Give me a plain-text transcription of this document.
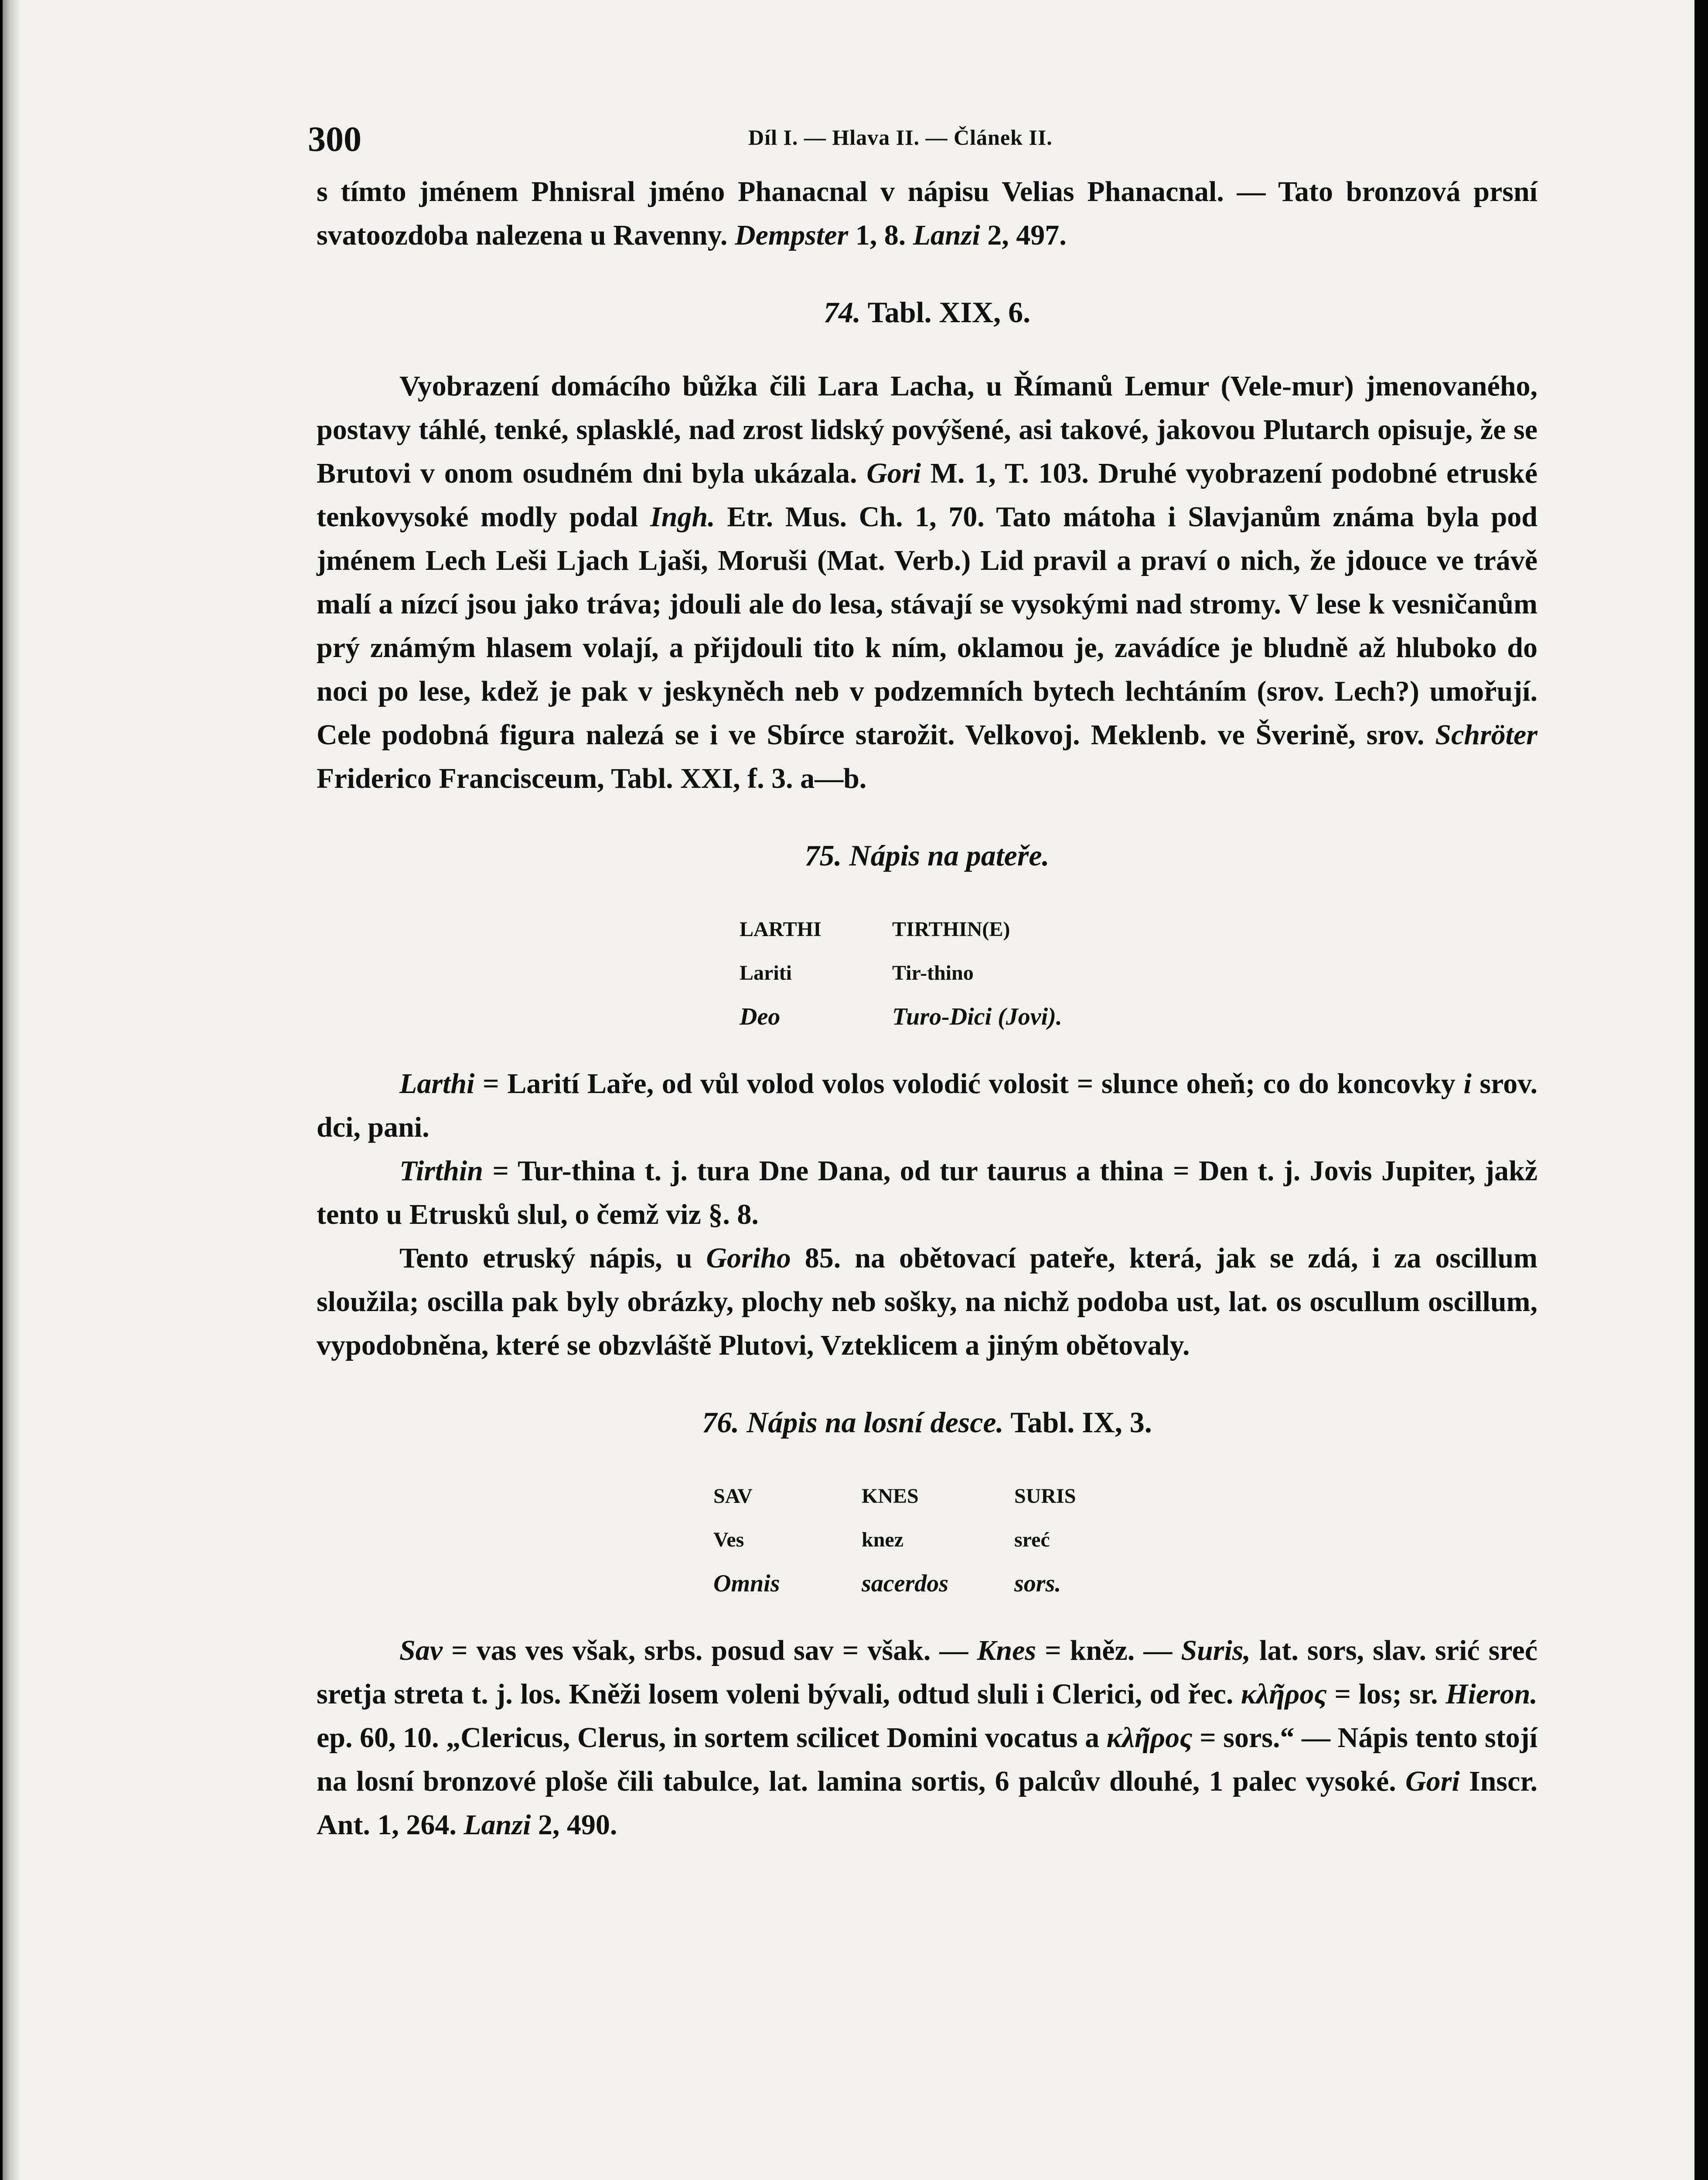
300	Díl I. — Hlava II. — Článek II.

s tímto jménem Phnisral jméno Phanacnal v nápisu Velias Phanacnal. — Tato bronzová prsní svatoozdoba nalezena u Ravenny. Dempster 1, 8. Lanzi 2, 497.

74. Tabl. XIX, 6.

Vyobrazení domácího bůžka čili Lara Lacha, u Římanů Lemur (Vele-mur) jmenovaného, postavy táhlé, tenké, splasklé, nad zrost lidský povýšené, asi takové, jakovou Plutarch opisuje, že se Brutovi v onom osudném dni byla ukázala. Gori M. 1, T. 103. Druhé vyobrazení podobné etruské tenkovysoké modly podal Ingh. Etr. Mus. Ch. 1, 70. Tato mátoha i Slavjanům známa byla pod jménem Lech Leši Ljach Ljaši, Moruši (Mat. Verb.) Lid pravil a praví o nich, že jdouce ve trávě malí a nízcí jsou jako tráva; jdouli ale do lesa, stávají se vysokými nad stromy. V lese k vesničanům prý známým hlasem volají, a přijdouli tito k ním, oklamou je, zavádíce je bludně až hluboko do noci po lese, kdež je pak v jeskyněch neb v podzemních bytech lechtáním (srov. Lech?) umořují. Cele podobná figura nalezá se i ve Sbírce starožit. Velkovoj. Meklenb. ve Šverině, srov. Schröter Friderico Franciscеum, Tabl. XXI, f. 3. a—b.

75. Nápis na pateře.
LARTHI	TIRTHIN(E)
Lariti	Tir-thino
Deo	Turo-Dici (Jovi).

Larthi = Larití Laře, od vůl volod volos volodić volosit = slunce oheň; co do koncovky i srov. dci, pani.

Tirthin = Tur-thina t. j. tura Dne Dana, od tur taurus a thina = Den t. j. Jovis Jupiter, jakž tento u Etrusků slul, o čemž viz §. 8.

Tento etruský nápis, u Goriho 85. na obětovací pateře, která, jak se zdá, i za oscillum sloužila; oscilla pak byly obrázky, plochy neb sošky, na nichž podoba ust, lat. os oscullum oscillum, vypodobněna, které se obzvláště Plutovi, Vzteklicem a jiným obětovaly.

76. Nápis na losní desce. Tabl. IX, 3.
SAV	KNES	SURIS
Ves	knez	sreć
Omnis	sacerdos	sors.

Sav = vas ves však, srbs. posud sav = však. — Knes = kněz. — Suris, lat. sors, slav. srić sreć sretja streta t. j. los. Kněži losem voleni bývali, odtud sluli i Clerici, od řec. κλῆρος = los; sr. Hieron. ep. 60, 10. „Clericus, Clerus, in sortem scilicet Domini vocatus a κλῆρος = sors.“ — Nápis tento stojí na losní bronzové ploše čili tabulce, lat. lamina sortis, 6 palcův dlouhé, 1 palec vysoké. Gori Inscr. Ant. 1, 264. Lanzi 2, 490.
